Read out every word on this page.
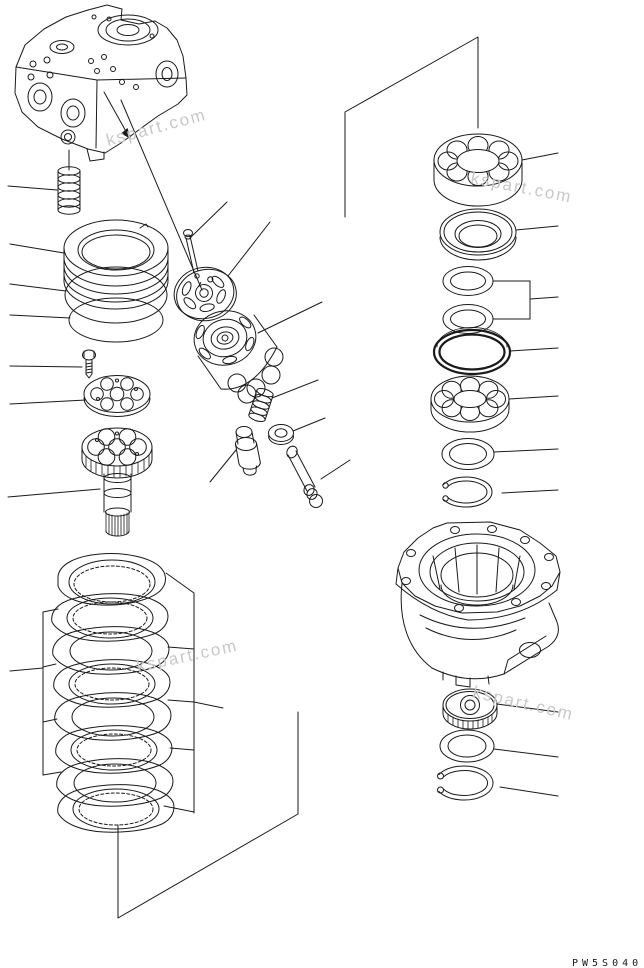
kspart.com
kspart.com
kspart.com
kspart.com
PW5S040
